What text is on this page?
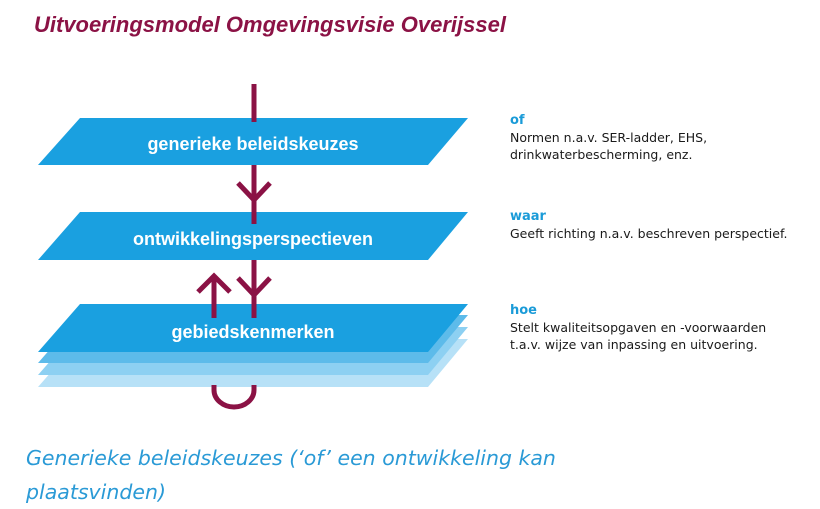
Uitvoeringsmodel Omgevingsvisie Overijssel
generieke beleidskeuzes
ontwikkelingsperspectieven
gebiedskenmerken
of
Normen n.a.v. SER-ladder, EHS,
drinkwaterbescherming, enz.
waar
Geeft richting n.a.v. beschreven perspectief.
hoe
Stelt kwaliteitsopgaven en -voorwaarden
t.a.v. wijze van inpassing en uitvoering.
Generieke beleidskeuzes (‘of’ een ontwikkeling kan
plaatsvinden)
